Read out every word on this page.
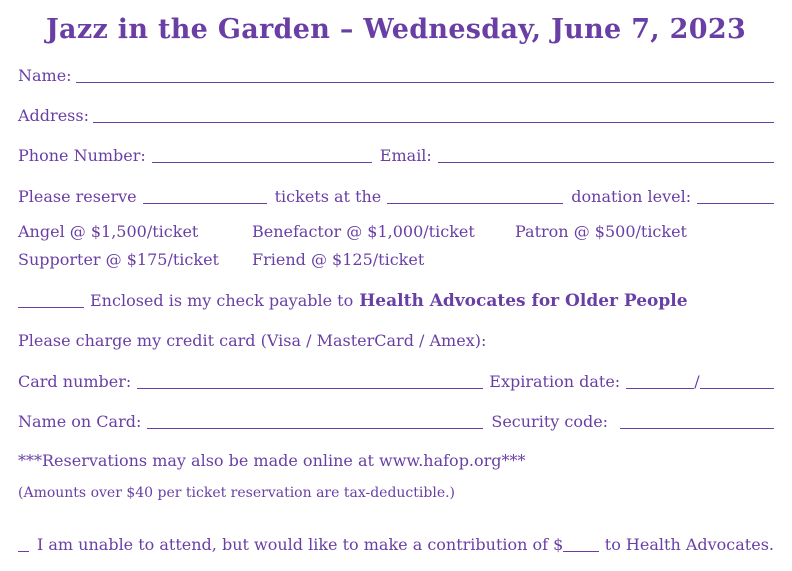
Jazz in the Garden – Wednesday, June 7, 2023
Name:
Address:
Phone Number:	Email:
Please reserve	tickets at the	donation level:
Angel @ $1,500/ticket	Benefactor @ $1,000/ticket	Patron @ $500/ticket
Supporter @ $175/ticket Friend @ $125/ticket
Enclosed is my check payable to Health Advocates for Older People
Please charge my credit card (Visa / MasterCard / Amex):
Card number:	Expiration date:	/
Name on Card:	Security code:
***Reservations may also be made online at www.hafop.org***
(Amounts over $40 per ticket reservation are tax-deductible.)
I am unable to attend, but would like to make a contribution of $	to Health Advocates.
